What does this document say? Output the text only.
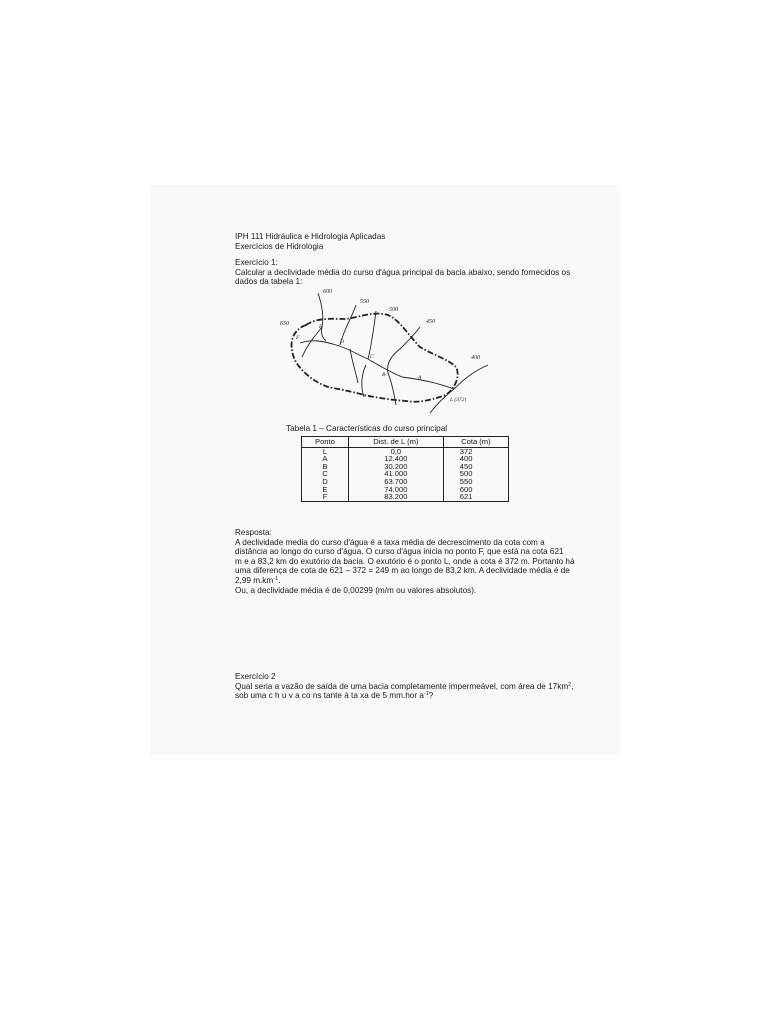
IPH 111 Hidráulica e Hidrologia Aplicadas
Exercícios de Hidrologia
Exercício 1:
Calcular a declividade média do curso d'água principal da bacia abaixo, sendo fornecidos os
dados da tabela 1:
600
550
500
450
400
650	E
F
D
C
B	A
L (372)
Tabela 1 – Características do curso principal
Ponto	Dist. de L (m)	Cota (m)
L	0,0	372
A	12.400	400
B	30.200	450
C	41.000	500
D	63.700	550
E	74.000	600
F	83.200	621
Resposta:
A declividade media do curso d'água é a taxa média de decrescimento da cota com a
distância ao longo do curso d'água. O curso d'água inicia no ponto F, que está na cota 621
m e a 83,2 km do exutório da bacia. O exutório é o ponto L, onde a cota é 372 m. Portanto há
uma diferença de cota de 621 – 372 = 249 m ao longo de 83,2 km. A declividade média é de
2,99 $m.km^{-1}$.
Ou, a declividade média é de 0,00299 (m/m ou valores absolutos).
Exercício 2
Qual seria a vazão de saída de uma bacia completamente impermeável, com área de $17km^2$,
sob uma c h u v a co ns tante à ta xa de 5 mm.hor $a^{-1}$?
